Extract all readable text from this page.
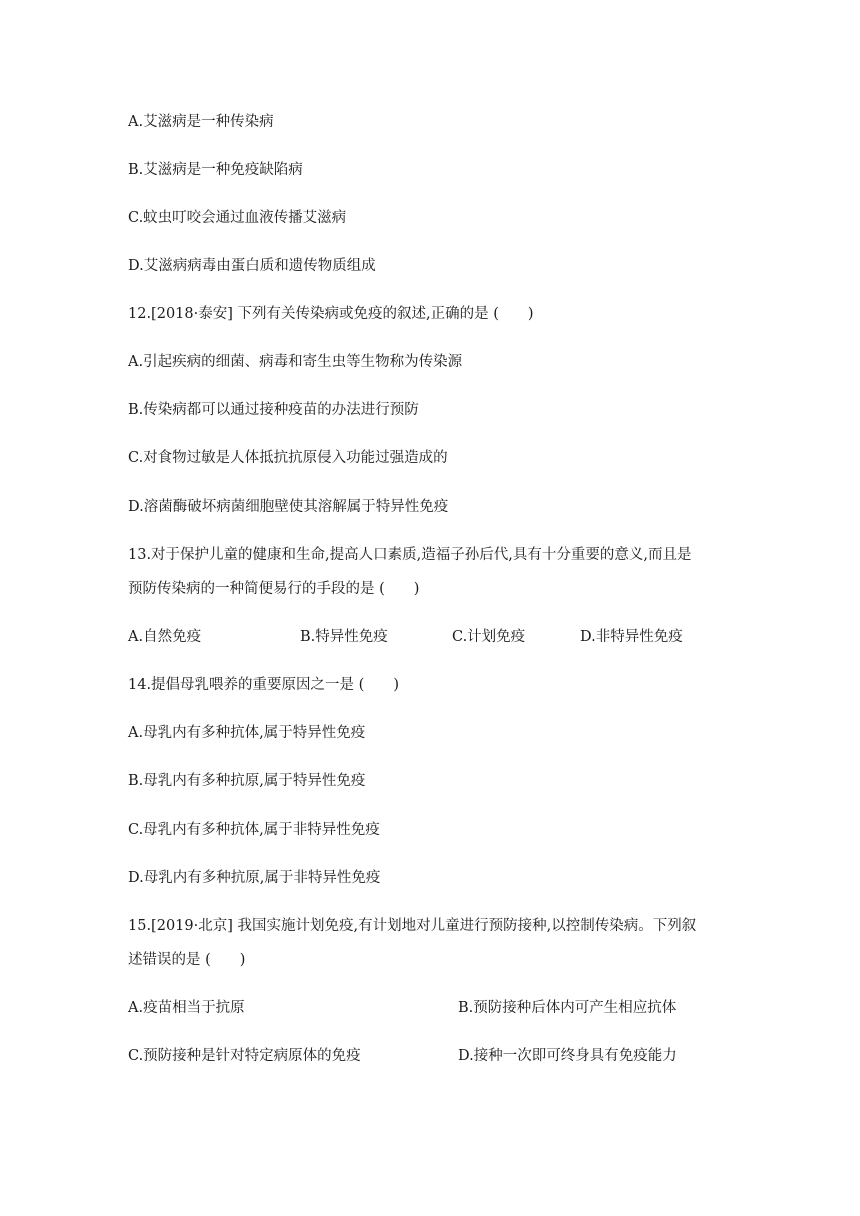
A.艾滋病是一种传染病
B.艾滋病是一种免疫缺陷病
C.蚊虫叮咬会通过血液传播艾滋病
D.艾滋病病毒由蛋白质和遗传物质组成
12.[2018·泰安] 下列有关传染病或免疫的叙述,正确的是 (　　)
A.引起疾病的细菌、病毒和寄生虫等生物称为传染源
B.传染病都可以通过接种疫苗的办法进行预防
C.对食物过敏是人体抵抗抗原侵入功能过强造成的
D.溶菌酶破坏病菌细胞壁使其溶解属于特异性免疫
13.对于保护儿童的健康和生命,提高人口素质,造福子孙后代,具有十分重要的意义,而且是
预防传染病的一种简便易行的手段的是 (　　)
A.自然免疫	B.特异性免疫	C.计划免疫	D.非特异性免疫
14.提倡母乳喂养的重要原因之一是 (　　)
A.母乳内有多种抗体,属于特异性免疫
B.母乳内有多种抗原,属于特异性免疫
C.母乳内有多种抗体,属于非特异性免疫
D.母乳内有多种抗原,属于非特异性免疫
15.[2019·北京] 我国实施计划免疫,有计划地对儿童进行预防接种,以控制传染病。下列叙
述错误的是 (　　)
A.疫苗相当于抗原	B.预防接种后体内可产生相应抗体
C.预防接种是针对特定病原体的免疫	D.接种一次即可终身具有免疫能力
